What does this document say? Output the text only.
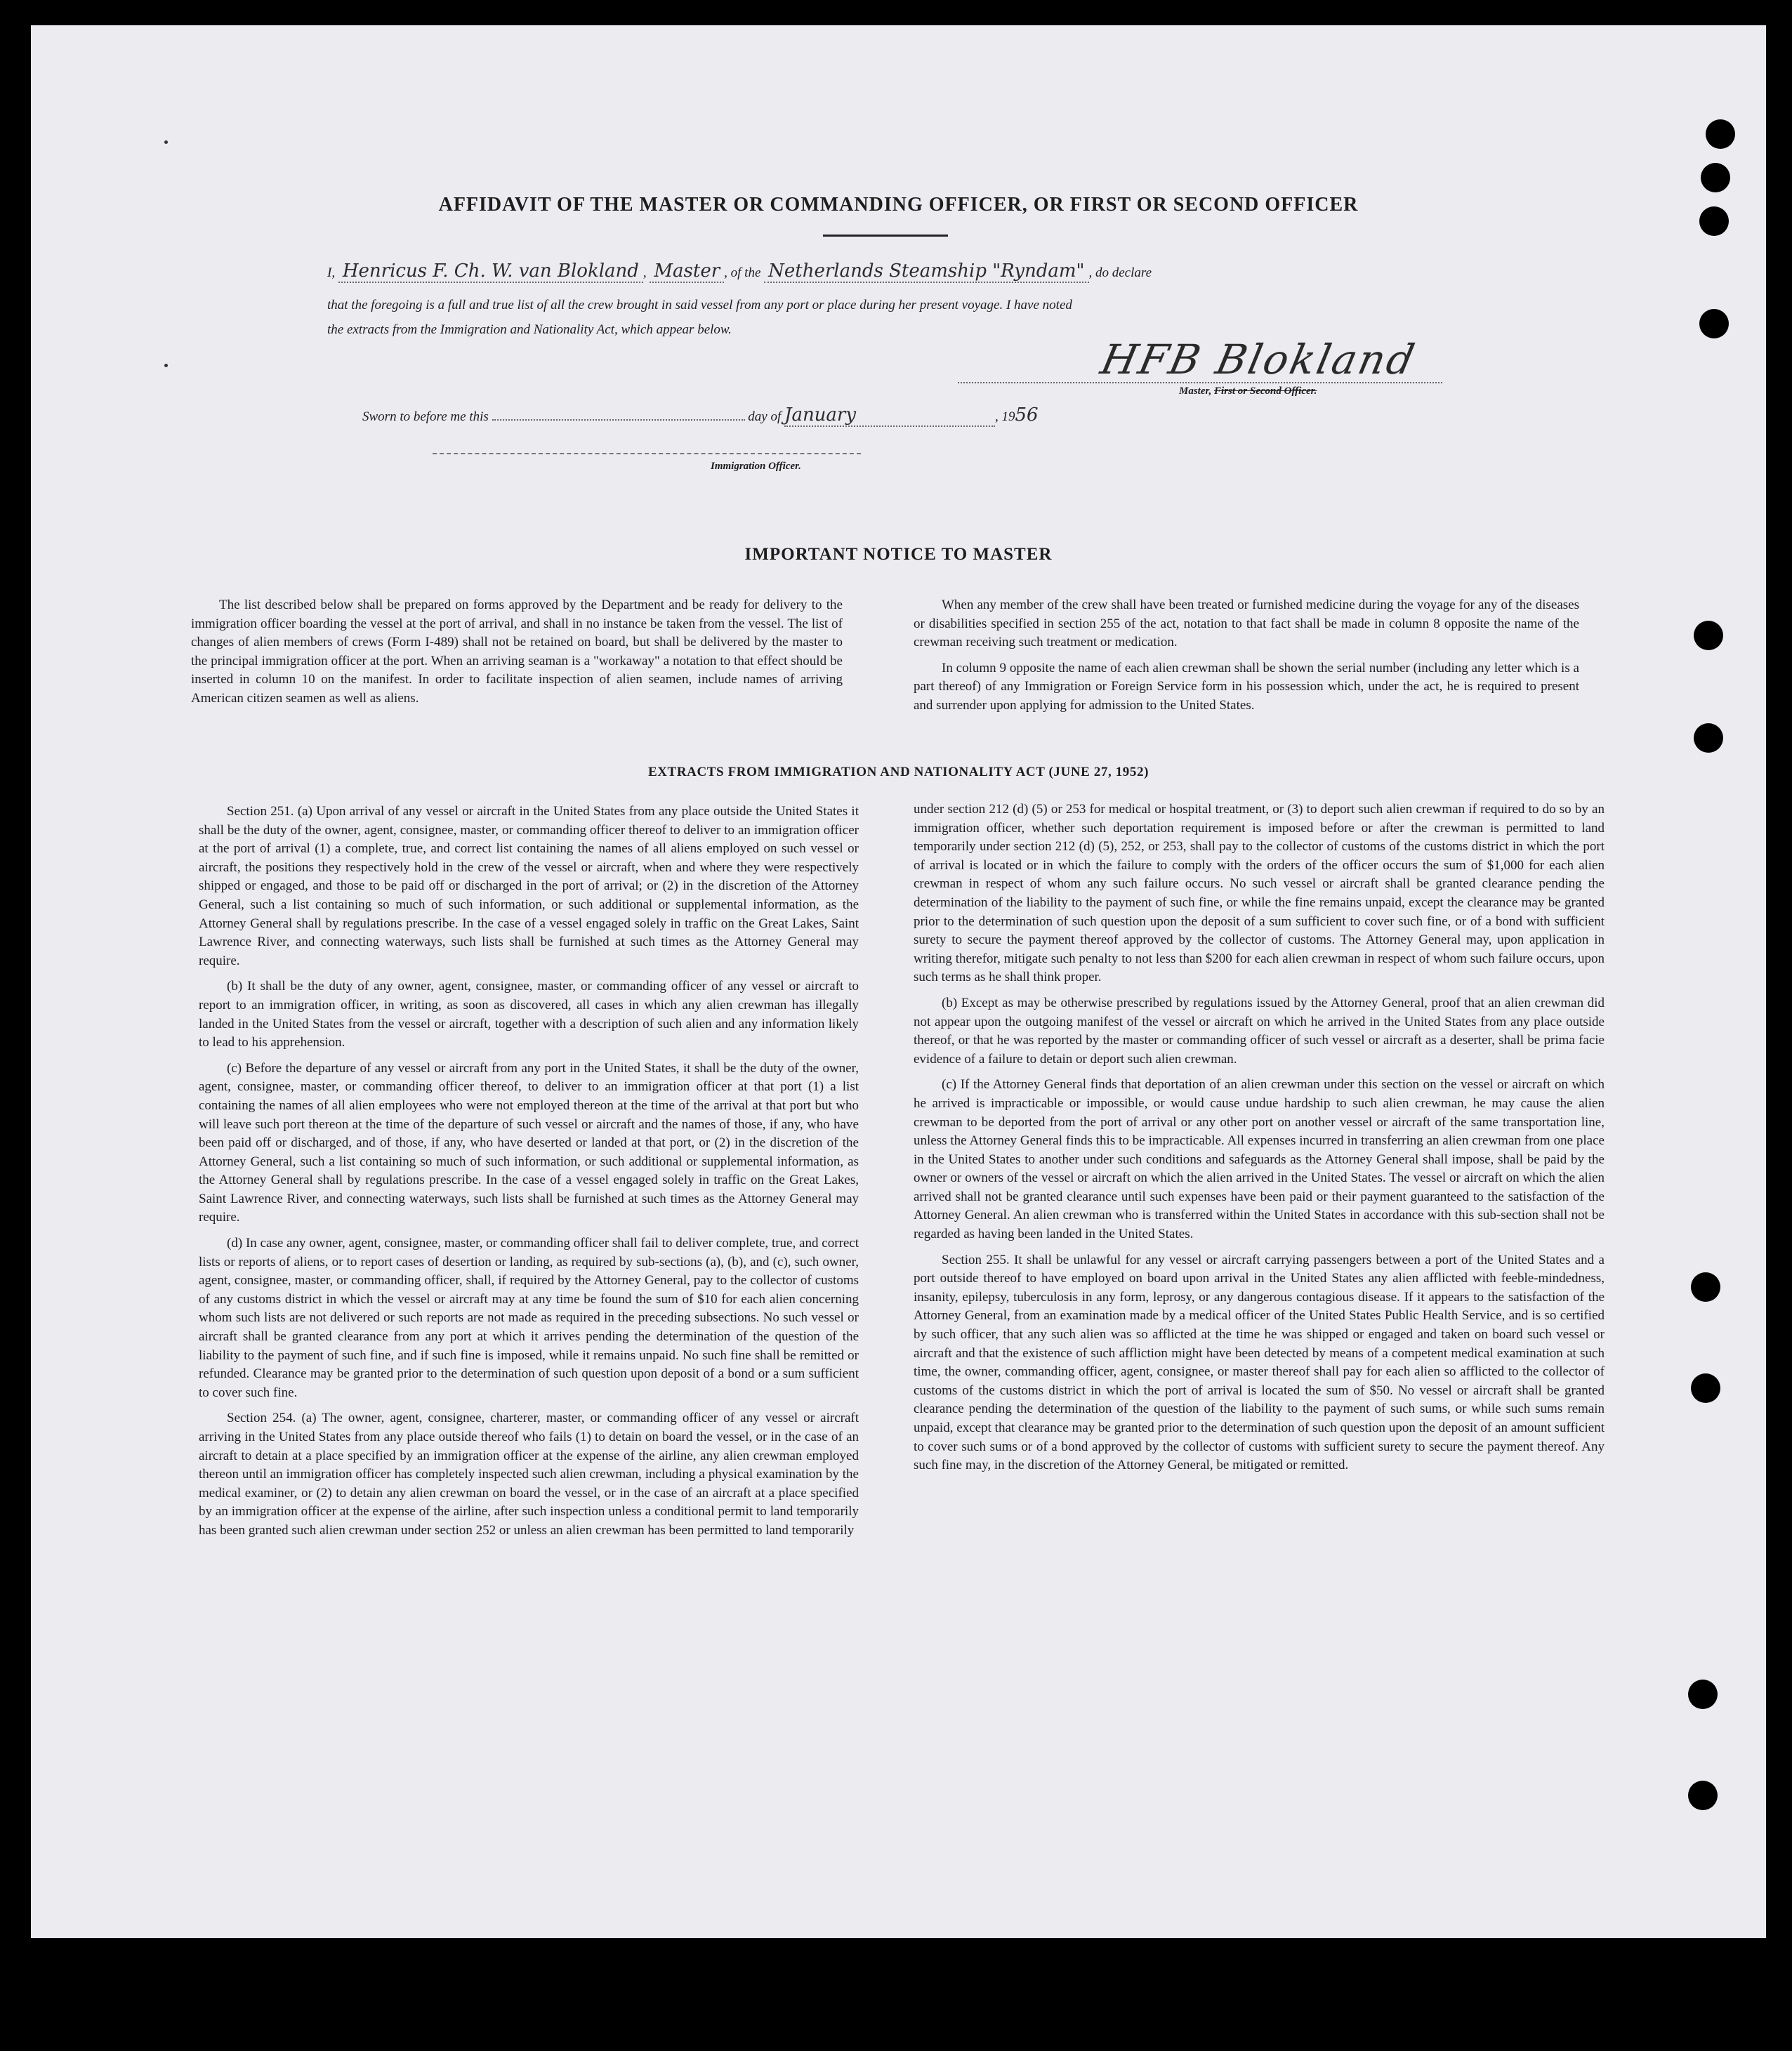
AFFIDAVIT OF THE MASTER OR COMMANDING OFFICER, OR FIRST OR SECOND OFFICER
I, Henricus F. Ch. W. van Blokland , Master , of the Netherlands Steamship "Ryndam" , do declare
that the foregoing is a full and true list of all the crew brought in said vessel from any port or place during her present voyage. I have noted
the extracts from the Immigration and Nationality Act, which appear below.
HFB Blokland
Master, First or Second Officer.
Sworn to before me this	day of January	, 1956
Immigration Officer.
IMPORTANT NOTICE TO MASTER

The list described below shall be prepared on forms approved by the Department and be ready for delivery to the immigration officer boarding the vessel at the port of arrival, and shall in no instance be taken from the vessel. The list of changes of alien members of crews (Form I-489) shall not be retained on board, but shall be delivered by the master to the principal immigration officer at the port. When an arriving seaman is a "workaway" a notation to that effect should be inserted in column 10 on the manifest. In order to facilitate inspection of alien seamen, include names of arriving American citizen seamen as well as aliens.

When any member of the crew shall have been treated or furnished medicine during the voyage for any of the diseases or disabilities specified in section 255 of the act, notation to that fact shall be made in column 8 opposite the name of the crewman receiving such treatment or medication.

In column 9 opposite the name of each alien crewman shall be shown the serial number (including any letter which is a part thereof) of any Immigration or Foreign Service form in his possession which, under the act, he is required to present and surrender upon applying for admission to the United States.

EXTRACTS FROM IMMIGRATION AND NATIONALITY ACT (JUNE 27, 1952)

Section 251. (a) Upon arrival of any vessel or aircraft in the United States from any place outside the United States it shall be the duty of the owner, agent, consignee, master, or commanding officer thereof to deliver to an immigration officer at the port of arrival (1) a complete, true, and correct list containing the names of all aliens employed on such vessel or aircraft, the positions they respectively hold in the crew of the vessel or aircraft, when and where they were respectively shipped or engaged, and those to be paid off or discharged in the port of arrival; or (2) in the discretion of the Attorney General, such a list containing so much of such information, or such additional or supplemental information, as the Attorney General shall by regulations prescribe. In the case of a vessel engaged solely in traffic on the Great Lakes, Saint Lawrence River, and connecting waterways, such lists shall be furnished at such times as the Attorney General may require.

(b) It shall be the duty of any owner, agent, consignee, master, or commanding officer of any vessel or aircraft to report to an immigration officer, in writing, as soon as discovered, all cases in which any alien crewman has illegally landed in the United States from the vessel or aircraft, together with a description of such alien and any information likely to lead to his apprehension.

(c) Before the departure of any vessel or aircraft from any port in the United States, it shall be the duty of the owner, agent, consignee, master, or commanding officer thereof, to deliver to an immigration officer at that port (1) a list containing the names of all alien employees who were not employed thereon at the time of the arrival at that port but who will leave such port thereon at the time of the departure of such vessel or aircraft and the names of those, if any, who have been paid off or discharged, and of those, if any, who have deserted or landed at that port, or (2) in the discretion of the Attorney General, such a list containing so much of such information, or such additional or supplemental information, as the Attorney General shall by regulations prescribe. In the case of a vessel engaged solely in traffic on the Great Lakes, Saint Lawrence River, and connecting waterways, such lists shall be furnished at such times as the Attorney General may require.

(d) In case any owner, agent, consignee, master, or commanding officer shall fail to deliver complete, true, and correct lists or reports of aliens, or to report cases of desertion or landing, as required by sub-sections (a), (b), and (c), such owner, agent, consignee, master, or commanding officer, shall, if required by the Attorney General, pay to the collector of customs of any customs district in which the vessel or aircraft may at any time be found the sum of $10 for each alien concerning whom such lists are not delivered or such reports are not made as required in the preceding subsections. No such vessel or aircraft shall be granted clearance from any port at which it arrives pending the determination of the question of the liability to the payment of such fine, and if such fine is imposed, while it remains unpaid. No such fine shall be remitted or refunded. Clearance may be granted prior to the determination of such question upon deposit of a bond or a sum sufficient to cover such fine.

Section 254. (a) The owner, agent, consignee, charterer, master, or commanding officer of any vessel or aircraft arriving in the United States from any place outside thereof who fails (1) to detain on board the vessel, or in the case of an aircraft to detain at a place specified by an immigration officer at the expense of the airline, any alien crewman employed thereon until an immigration officer has completely inspected such alien crewman, including a physical examination by the medical examiner, or (2) to detain any alien crewman on board the vessel, or in the case of an aircraft at a place specified by an immigration officer at the expense of the airline, after such inspection unless a conditional permit to land temporarily has been granted such alien crewman under section 252 or unless an alien crewman has been permitted to land temporarily

under section 212 (d) (5) or 253 for medical or hospital treatment, or (3) to deport such alien crewman if required to do so by an immigration officer, whether such deportation requirement is imposed before or after the crewman is permitted to land temporarily under section 212 (d) (5), 252, or 253, shall pay to the collector of customs of the customs district in which the port of arrival is located or in which the failure to comply with the orders of the officer occurs the sum of $1,000 for each alien crewman in respect of whom any such failure occurs. No such vessel or aircraft shall be granted clearance pending the determination of the liability to the payment of such fine, or while the fine remains unpaid, except the clearance may be granted prior to the determination of such question upon the deposit of a sum sufficient to cover such fine, or of a bond with sufficient surety to secure the payment thereof approved by the collector of customs. The Attorney General may, upon application in writing therefor, mitigate such penalty to not less than $200 for each alien crewman in respect of whom such failure occurs, upon such terms as he shall think proper.

(b) Except as may be otherwise prescribed by regulations issued by the Attorney General, proof that an alien crewman did not appear upon the outgoing manifest of the vessel or aircraft on which he arrived in the United States from any place outside thereof, or that he was reported by the master or commanding officer of such vessel or aircraft as a deserter, shall be prima facie evidence of a failure to detain or deport such alien crewman.

(c) If the Attorney General finds that deportation of an alien crewman under this section on the vessel or aircraft on which he arrived is impracticable or impossible, or would cause undue hardship to such alien crewman, he may cause the alien crewman to be deported from the port of arrival or any other port on another vessel or aircraft of the same transportation line, unless the Attorney General finds this to be impracticable. All expenses incurred in transferring an alien crewman from one place in the United States to another under such conditions and safeguards as the Attorney General shall impose, shall be paid by the owner or owners of the vessel or aircraft on which the alien arrived in the United States. The vessel or aircraft on which the alien arrived shall not be granted clearance until such expenses have been paid or their payment guaranteed to the satisfaction of the Attorney General. An alien crewman who is transferred within the United States in accordance with this sub-section shall not be regarded as having been landed in the United States.

Section 255. It shall be unlawful for any vessel or aircraft carrying passengers between a port of the United States and a port outside thereof to have employed on board upon arrival in the United States any alien afflicted with feeble-mindedness, insanity, epilepsy, tuberculosis in any form, leprosy, or any dangerous contagious disease. If it appears to the satisfaction of the Attorney General, from an examination made by a medical officer of the United States Public Health Service, and is so certified by such officer, that any such alien was so afflicted at the time he was shipped or engaged and taken on board such vessel or aircraft and that the existence of such affliction might have been detected by means of a competent medical examination at such time, the owner, commanding officer, agent, consignee, or master thereof shall pay for each alien so afflicted to the collector of customs of the customs district in which the port of arrival is located the sum of $50. No vessel or aircraft shall be granted clearance pending the determination of the question of the liability to the payment of such sums, or while such sums remain unpaid, except that clearance may be granted prior to the determination of such question upon the deposit of an amount sufficient to cover such sums or of a bond approved by the collector of customs with sufficient surety to secure the payment thereof. Any such fine may, in the discretion of the Attorney General, be mitigated or remitted.
